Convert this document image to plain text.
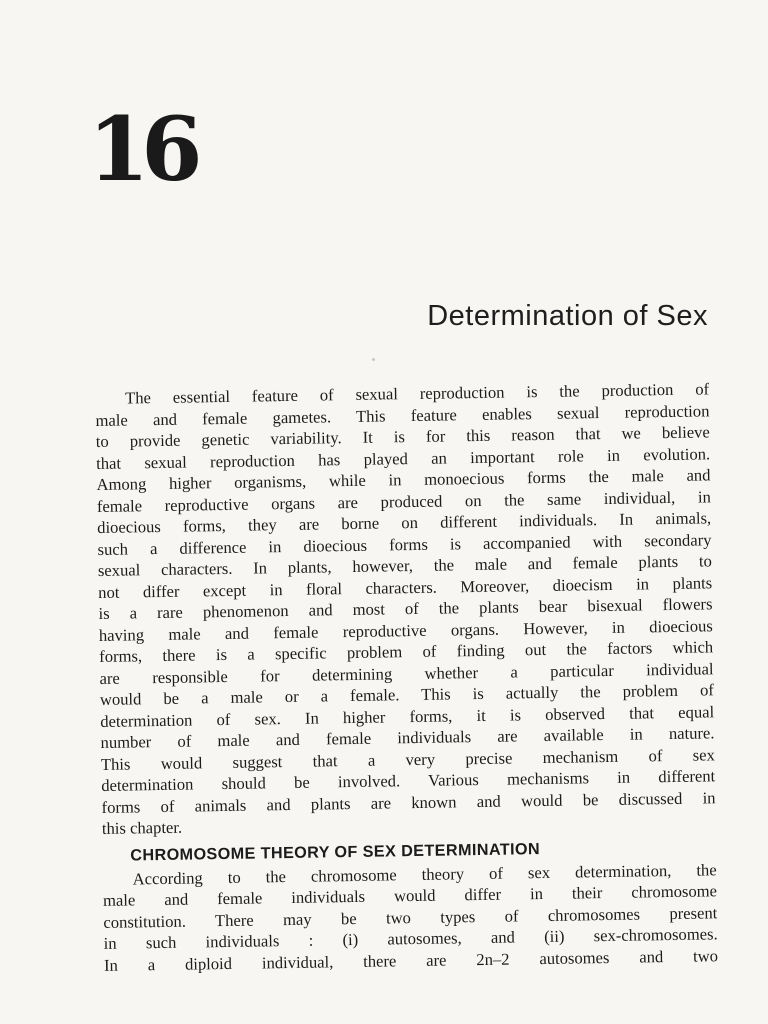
16
Determination of Sex
The essential feature of sexual reproduction is the production of
male and female gametes. This feature enables sexual reproduction
to provide genetic variability. It is for this reason that we believe
that sexual reproduction has played an important role in evolution.
Among higher organisms, while in monoecious forms the male and
female reproductive organs are produced on the same individual, in
dioecious forms, they are borne on different individuals. In animals,
such a difference in dioecious forms is accompanied with secondary
sexual characters. In plants, however, the male and female plants to
not differ except in floral characters. Moreover, dioecism in plants
is a rare phenomenon and most of the plants bear bisexual flowers
having male and female reproductive organs. However, in dioecious
forms, there is a specific problem of finding out the factors which
are responsible for determining whether a particular individual
would be a male or a female. This is actually the problem of
determination of sex. In higher forms, it is observed that equal
number of male and female individuals are available in nature.
This would suggest that a very precise mechanism of sex
determination should be involved. Various mechanisms in different
forms of animals and plants are known and would be discussed in
this chapter.
CHROMOSOME THEORY OF SEX DETERMINATION
According to the chromosome theory of sex determination, the
male and female individuals would differ in their chromosome
constitution. There may be two types of chromosomes present
in such individuals : (i) autosomes, and (ii) sex-chromosomes.
In a diploid individual, there are 2n–2 autosomes and two
